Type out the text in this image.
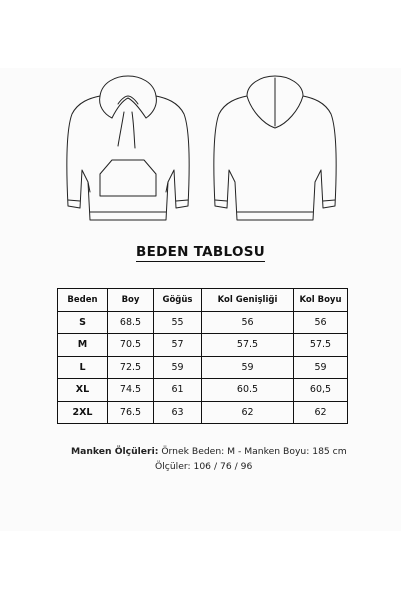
BEDEN TABLOSU
Beden	Boy	Göğüs	Kol Genişliği	Kol Boyu
S	68.5	55	56	56
M	70.5	57	57.5	57.5
L	72.5	59	59	59
XL	74.5	61	60.5	60,5
2XL	76.5	63	62	62
Manken Ölçüleri: Örnek Beden: M - Manken Boyu: 185 cm
Ölçüler: 106 / 76 / 96
